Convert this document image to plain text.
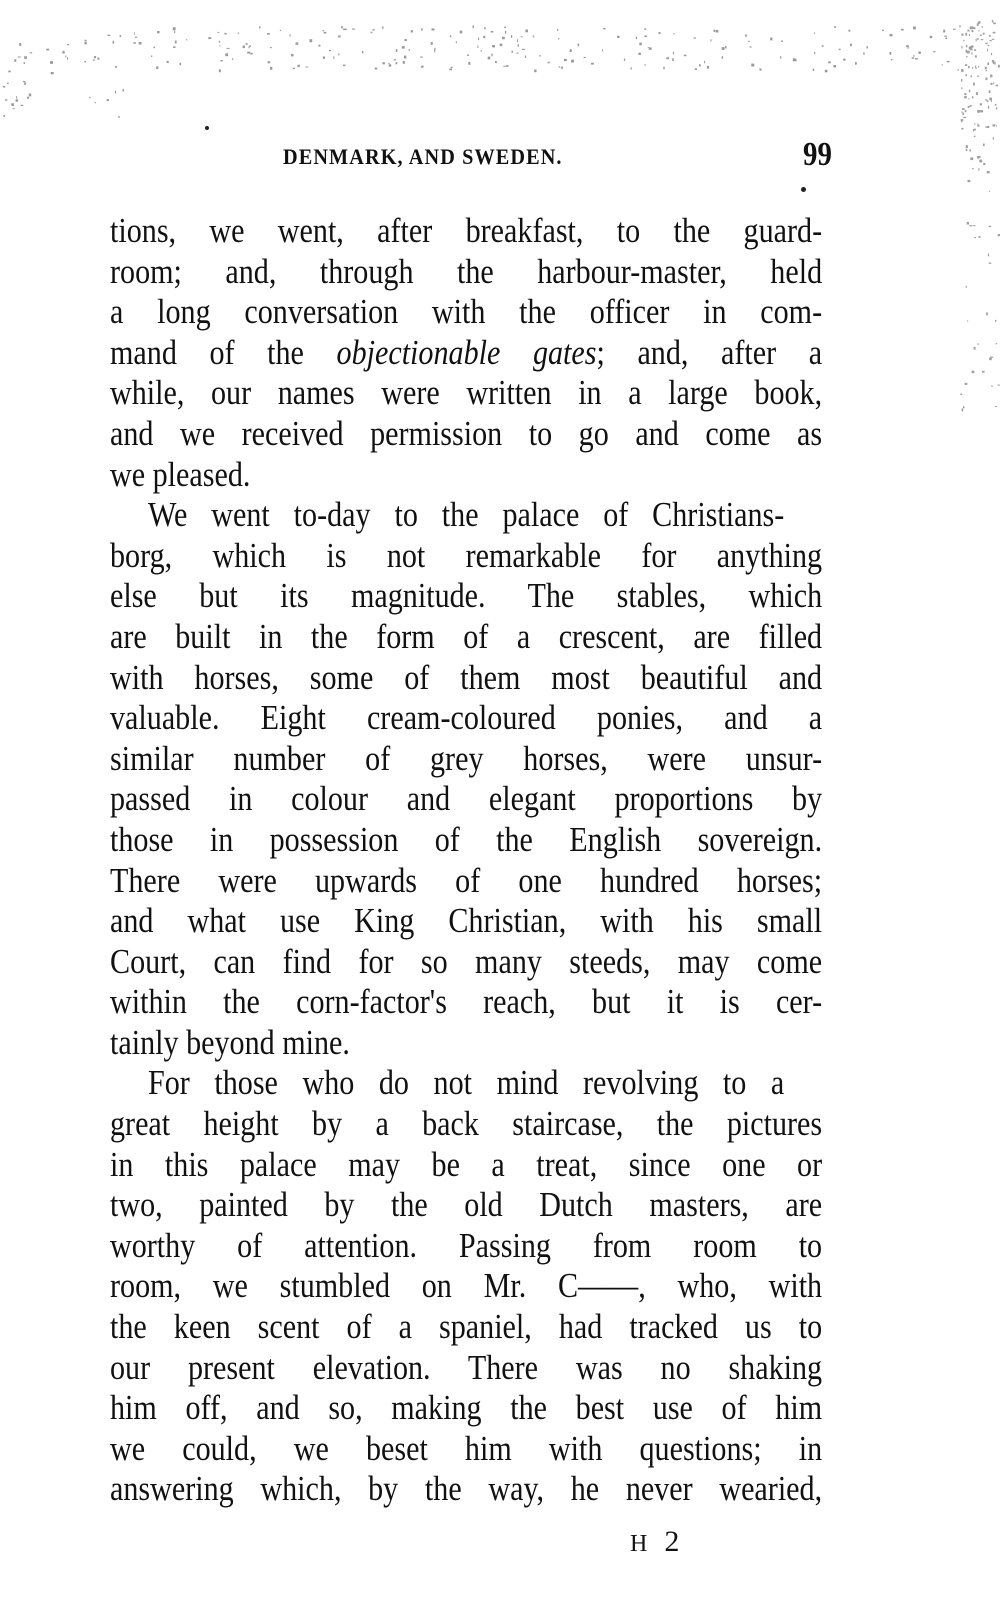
DENMARK, AND SWEDEN.	99
tions, we went, after breakfast, to the guard-
room; and, through the harbour-master, held
a long conversation with the officer in com-
mand of the objectionable gates; and, after a
while, our names were written in a large book,
and we received permission to go and come as
we pleased.
We went to-day to the palace of Christians-
borg, which is not remarkable for anything
else but its magnitude. The stables, which
are built in the form of a crescent, are filled
with horses, some of them most beautiful and
valuable. Eight cream-coloured ponies, and a
similar number of grey horses, were unsur-
passed in colour and elegant proportions by
those in possession of the English sovereign.
There were upwards of one hundred horses;
and what use King Christian, with his small
Court, can find for so many steeds, may come
within the corn-factor's reach, but it is cer-
tainly beyond mine.
For those who do not mind revolving to a
great height by a back staircase, the pictures
in this palace may be a treat, since one or
two, painted by the old Dutch masters, are
worthy of attention. Passing from room to
room, we stumbled on Mr. C——, who, with
the keen scent of a spaniel, had tracked us to
our present elevation. There was no shaking
him off, and so, making the best use of him
we could, we beset him with questions; in
answering which, by the way, he never wearied,
H 2
